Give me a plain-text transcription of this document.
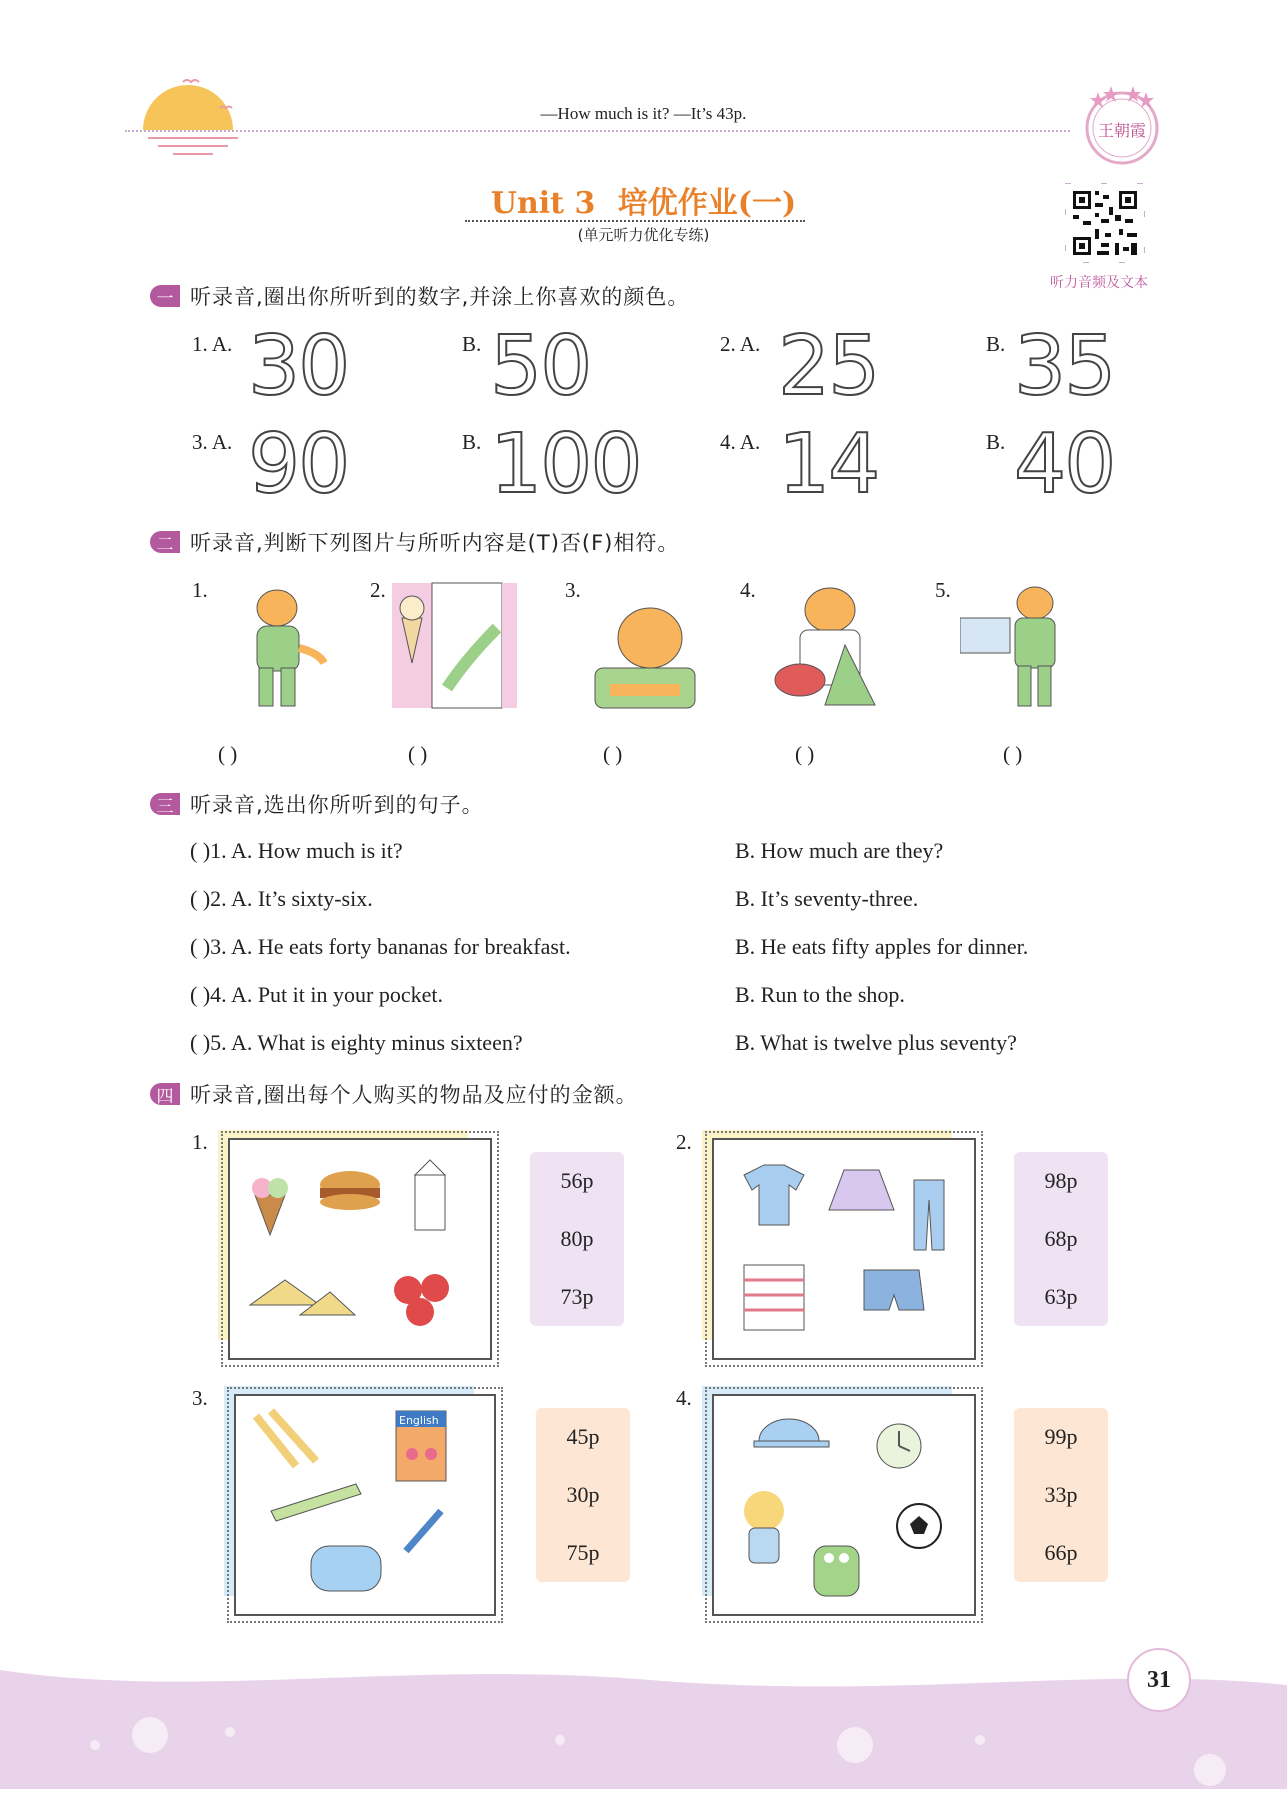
—How much is it? —It’s 43p.
王朝霞
Unit 3 培优作业(一)
(单元听力优化专练)
听力音频及文本
一 听录音,圈出你所听到的数字,并涂上你喜欢的颜色。
1. A. 30	B. 50	2. A. 25	B. 35
3. A. 90	B. 100	4. A. 14	B. 40
二 听录音,判断下列图片与所听内容是(T)否(F)相符。
1.	2.	3.	4.	5.
( )	( )	( )	( )	( )
三 听录音,选出你所听到的句子。
( )1. A. How much is it?	B. How much are they?
( )2. A. It’s sixty-six.	B. It’s seventy-three.
( )3. A. He eats forty bananas for breakfast.	B. He eats fifty apples for dinner.
( )4. A. Put it in your pocket.	B. Run to the shop.
( )5. A. What is eighty minus sixteen?	B. What is twelve plus seventy?
四 听录音,圈出每个人购买的物品及应付的金额。
1.
56p
80p
73p
2.
98p
68p
63p
3.
English
45p
30p
75p
4.
99p
33p
66p
31
